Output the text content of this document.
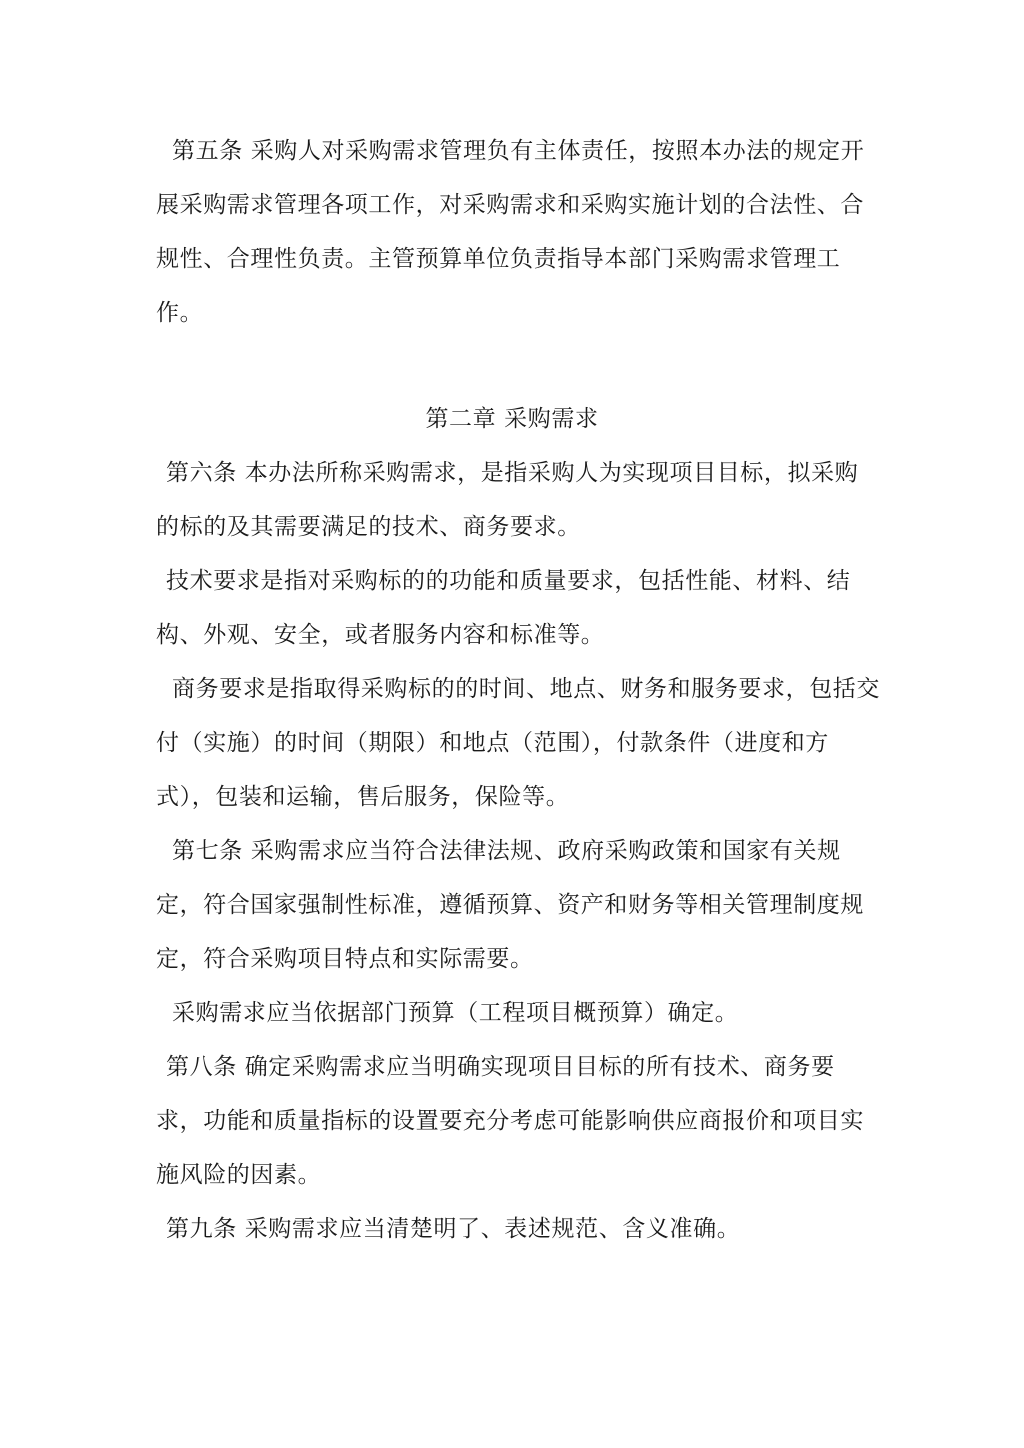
第五条 采购人对采购需求管理负有主体责任，按照本办法的规定开
展采购需求管理各项工作，对采购需求和采购实施计划的合法性、合
规性、合理性负责。主管预算单位负责指导本部门采购需求管理工
作。
第二章 采购需求
第六条 本办法所称采购需求，是指采购人为实现项目目标，拟采购
的标的及其需要满足的技术、商务要求。
技术要求是指对采购标的的功能和质量要求，包括性能、材料、结
构、外观、安全，或者服务内容和标准等。
商务要求是指取得采购标的的时间、地点、财务和服务要求，包括交
付（实施）的时间（期限）和地点（范围），付款条件（进度和方
式），包装和运输，售后服务，保险等。
第七条 采购需求应当符合法律法规、政府采购政策和国家有关规
定，符合国家强制性标准，遵循预算、资产和财务等相关管理制度规
定，符合采购项目特点和实际需要。
采购需求应当依据部门预算（工程项目概预算）确定。
第八条 确定采购需求应当明确实现项目目标的所有技术、商务要
求，功能和质量指标的设置要充分考虑可能影响供应商报价和项目实
施风险的因素。
第九条 采购需求应当清楚明了、表述规范、含义准确。
